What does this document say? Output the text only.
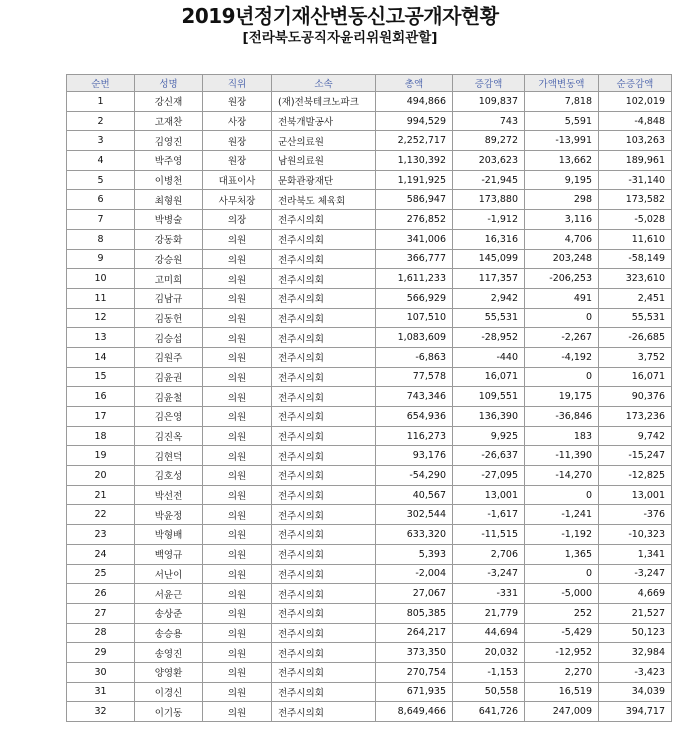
2019년정기재산변동신고공개자현황
[전라북도공직자윤리위원회관할]
순번	성명	직위	소속	총액	증감액	가액변동액	순증감액
1	강신재	원장	(재)전북테크노파크	494,866	109,837	7,818	102,019
2	고재찬	사장	전북개발공사	994,529	743	5,591	-4,848
3	김영진	원장	군산의료원	2,252,717	89,272	-13,991	103,263
4	박주영	원장	남원의료원	1,130,392	203,623	13,662	189,961
5	이병천	대표이사	문화관광재단	1,191,925	-21,945	9,195	-31,140
6	최형원	사무처장	전라북도 체육회	586,947	173,880	298	173,582
7	박병술	의장	전주시의회	276,852	-1,912	3,116	-5,028
8	강동화	의원	전주시의회	341,006	16,316	4,706	11,610
9	강승원	의원	전주시의회	366,777	145,099	203,248	-58,149
10	고미희	의원	전주시의회	1,611,233	117,357	-206,253	323,610
11	김남규	의원	전주시의회	566,929	2,942	491	2,451
12	김동헌	의원	전주시의회	107,510	55,531	0	55,531
13	김승섭	의원	전주시의회	1,083,609	-28,952	-2,267	-26,685
14	김원주	의원	전주시의회	-6,863	-440	-4,192	3,752
15	김윤권	의원	전주시의회	77,578	16,071	0	16,071
16	김윤철	의원	전주시의회	743,346	109,551	19,175	90,376
17	김은영	의원	전주시의회	654,936	136,390	-36,846	173,236
18	김진옥	의원	전주시의회	116,273	9,925	183	9,742
19	김현덕	의원	전주시의회	93,176	-26,637	-11,390	-15,247
20	김호성	의원	전주시의회	-54,290	-27,095	-14,270	-12,825
21	박선전	의원	전주시의회	40,567	13,001	0	13,001
22	박윤정	의원	전주시의회	302,544	-1,617	-1,241	-376
23	박형배	의원	전주시의회	633,320	-11,515	-1,192	-10,323
24	백영규	의원	전주시의회	5,393	2,706	1,365	1,341
25	서난이	의원	전주시의회	-2,004	-3,247	0	-3,247
26	서윤근	의원	전주시의회	27,067	-331	-5,000	4,669
27	송상준	의원	전주시의회	805,385	21,779	252	21,527
28	송승용	의원	전주시의회	264,217	44,694	-5,429	50,123
29	송영진	의원	전주시의회	373,350	20,032	-12,952	32,984
30	양영환	의원	전주시의회	270,754	-1,153	2,270	-3,423
31	이경신	의원	전주시의회	671,935	50,558	16,519	34,039
32	이기동	의원	전주시의회	8,649,466	641,726	247,009	394,717
